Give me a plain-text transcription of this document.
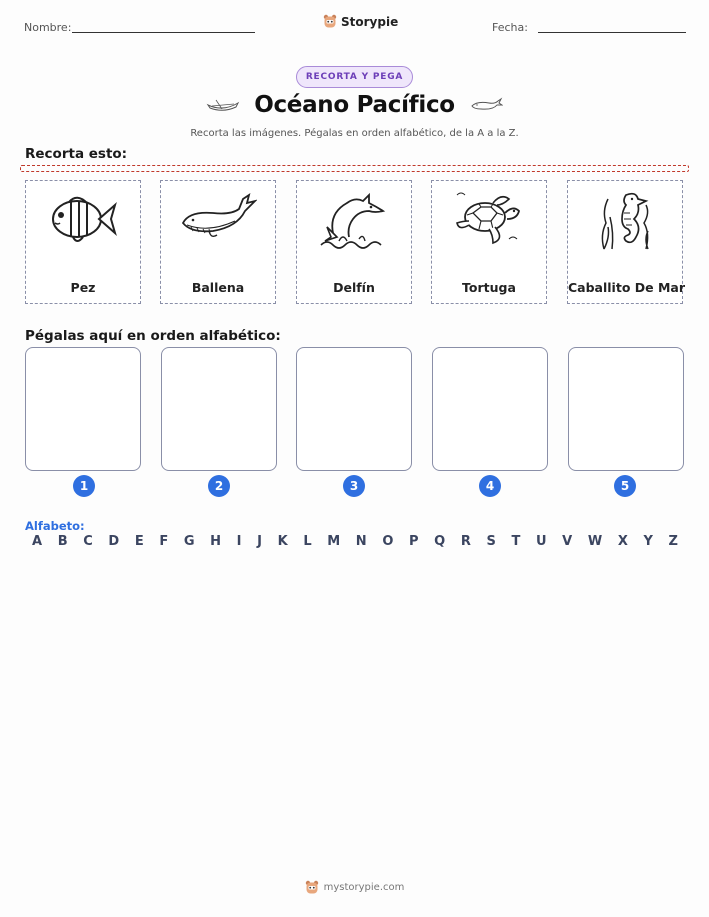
Nombre:	Storypie	Fecha:
RECORTA Y PEGA
Océano Pacífico
Recorta las imágenes. Pégalas en orden alfabético, de la A a la Z.
Recorta esto:
Pez	Ballena	Delfín	Tortuga	Caballito De Mar
Pégalas aquí en orden alfabético:
1	2	3	4	5
Alfabeto:
A B C D E F G H I J K L M N O P Q R S T U V W X Y Z
mystorypie.com
